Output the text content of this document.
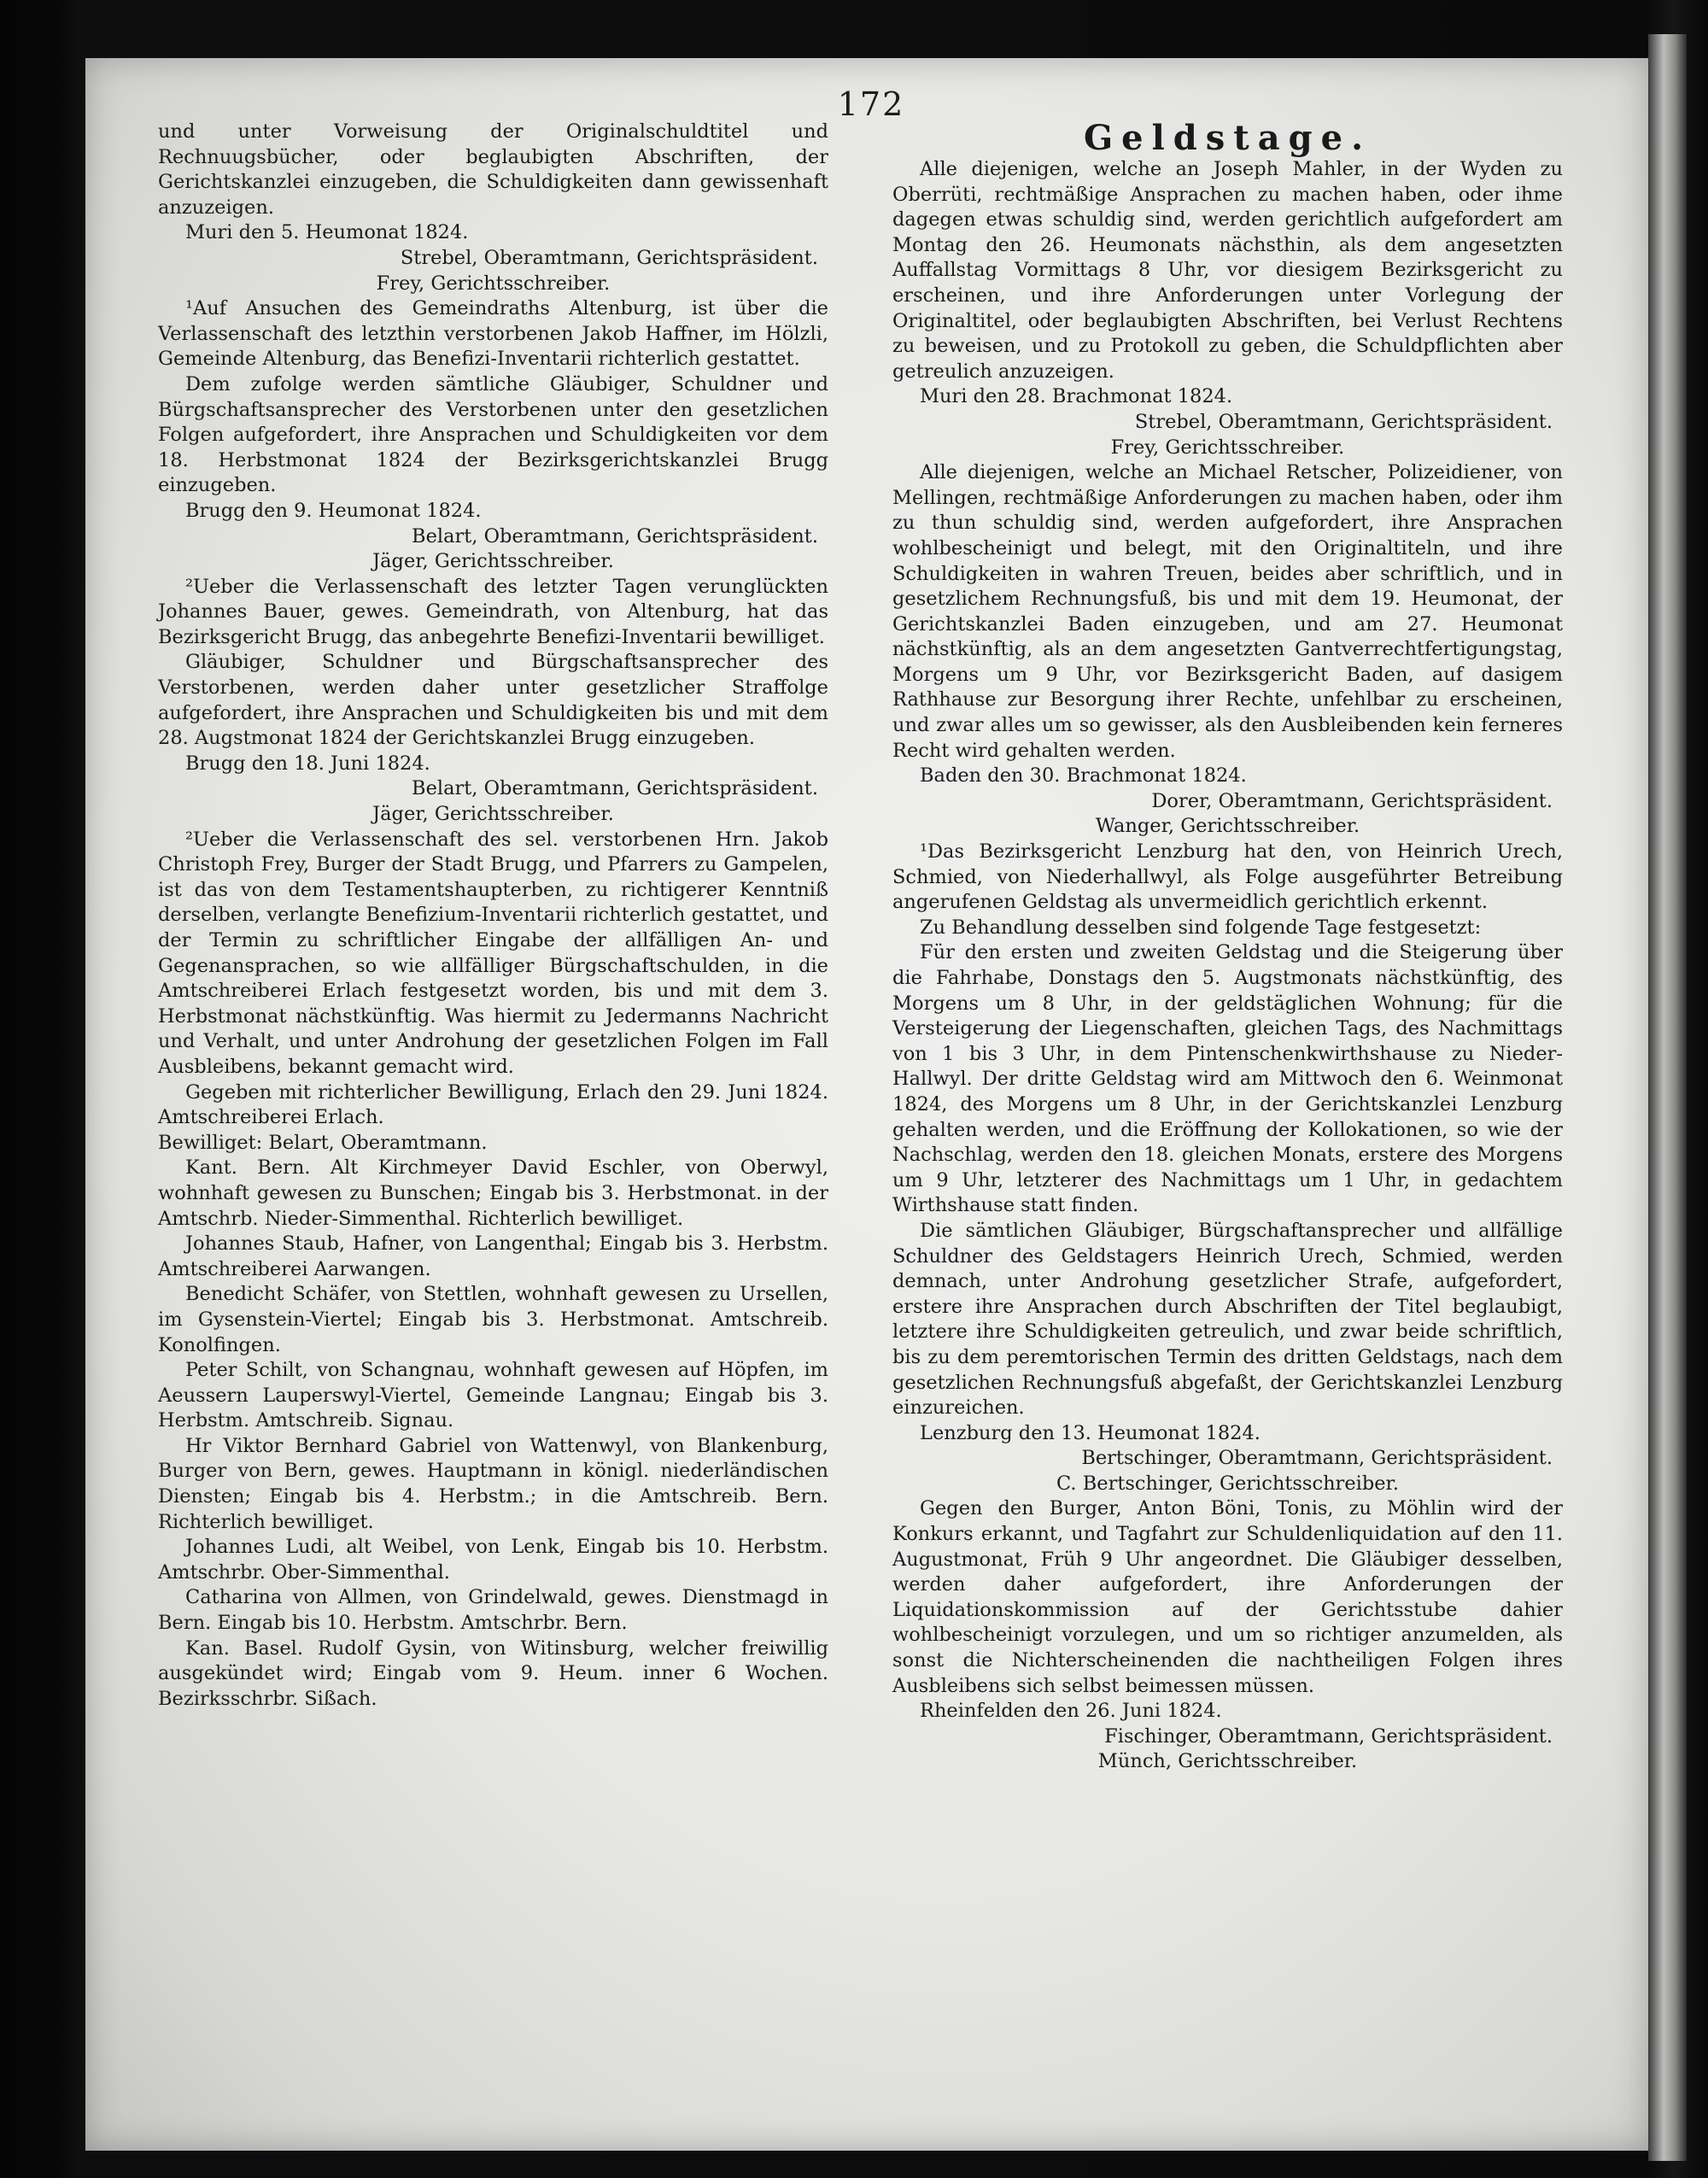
172

und unter Vorweisung der Originalschuldtitel und Rechnuugsbücher, oder beglaubigten Abschriften, der Gerichtskanzlei einzugeben, die Schuldigkeiten dann gewissenhaft anzuzeigen.

Muri den 5. Heumonat 1824.

Strebel, Oberamtmann, Gerichtspräsident.

Frey, Gerichtsschreiber.

¹Auf Ansuchen des Gemeindraths Altenburg, ist über die Verlassenschaft des letzthin verstorbenen Jakob Haffner, im Hölzli, Gemeinde Altenburg, das Benefizi-Inventarii richterlich gestattet.

Dem zufolge werden sämtliche Gläubiger, Schuldner und Bürgschaftsansprecher des Verstorbenen unter den gesetzlichen Folgen aufgefordert, ihre Ansprachen und Schuldigkeiten vor dem 18. Herbstmonat 1824 der Bezirksgerichtskanzlei Brugg einzugeben.

Brugg den 9. Heumonat 1824.

Belart, Oberamtmann, Gerichtspräsident.

Jäger, Gerichtsschreiber.

²Ueber die Verlassenschaft des letzter Tagen verunglückten Johannes Bauer, gewes. Gemeindrath, von Altenburg, hat das Bezirksgericht Brugg, das anbegehrte Benefizi-Inventarii bewilliget.

Gläubiger, Schuldner und Bürgschaftsansprecher des Verstorbenen, werden daher unter gesetzlicher Straffolge aufgefordert, ihre Ansprachen und Schuldigkeiten bis und mit dem 28. Augstmonat 1824 der Gerichtskanzlei Brugg einzugeben.

Brugg den 18. Juni 1824.

Belart, Oberamtmann, Gerichtspräsident.

Jäger, Gerichtsschreiber.

²Ueber die Verlassenschaft des sel. verstorbenen Hrn. Jakob Christoph Frey, Burger der Stadt Brugg, und Pfarrers zu Gampelen, ist das von dem Testamentshaupterben, zu richtigerer Kenntniß derselben, verlangte Benefizium-Inventarii richterlich gestattet, und der Termin zu schriftlicher Eingabe der allfälligen An- und Gegenansprachen, so wie allfälliger Bürgschaftschulden, in die Amtschreiberei Erlach festgesetzt worden, bis und mit dem 3. Herbstmonat nächstkünftig. Was hiermit zu Jedermanns Nachricht und Verhalt, und unter Androhung der gesetzlichen Folgen im Fall Ausbleibens, bekannt gemacht wird.

Gegeben mit richterlicher Bewilligung, Erlach den 29. Juni 1824. Amtschreiberei Erlach.

Bewilliget: Belart, Oberamtmann.

Kant. Bern. Alt Kirchmeyer David Eschler, von Oberwyl, wohnhaft gewesen zu Bunschen; Eingab bis 3. Herbstmonat. in der Amtschrb. Nieder-Simmenthal. Richterlich bewilliget.

Johannes Staub, Hafner, von Langenthal; Eingab bis 3. Herbstm. Amtschreiberei Aarwangen.

Benedicht Schäfer, von Stettlen, wohnhaft gewesen zu Ursellen, im Gysenstein-Viertel; Eingab bis 3. Herbstmonat. Amtschreib. Konolfingen.

Peter Schilt, von Schangnau, wohnhaft gewesen auf Höpfen, im Aeussern Lauperswyl-Viertel, Gemeinde Langnau; Eingab bis 3. Herbstm. Amtschreib. Signau.

Hr Viktor Bernhard Gabriel von Wattenwyl, von Blankenburg, Burger von Bern, gewes. Hauptmann in königl. niederländischen Diensten; Eingab bis 4. Herbstm.; in die Amtschreib. Bern. Richterlich bewilliget.

Johannes Ludi, alt Weibel, von Lenk, Eingab bis 10. Herbstm. Amtschrbr. Ober-Simmenthal.

Catharina von Allmen, von Grindelwald, gewes. Dienstmagd in Bern. Eingab bis 10. Herbstm. Amtschrbr. Bern.

Kan. Basel. Rudolf Gysin, von Witinsburg, welcher freiwillig ausgekündet wird; Eingab vom 9. Heum. inner 6 Wochen. Bezirksschrbr. Sißach.

Geldstage.

Alle diejenigen, welche an Joseph Mahler, in der Wyden zu Oberrüti, rechtmäßige Ansprachen zu machen haben, oder ihme dagegen etwas schuldig sind, werden gerichtlich aufgefordert am Montag den 26. Heumonats nächsthin, als dem angesetzten Auffallstag Vormittags 8 Uhr, vor diesigem Bezirksgericht zu erscheinen, und ihre Anforderungen unter Vorlegung der Originaltitel, oder beglaubigten Abschriften, bei Verlust Rechtens zu beweisen, und zu Protokoll zu geben, die Schuldpflichten aber getreulich anzuzeigen.

Muri den 28. Brachmonat 1824.

Strebel, Oberamtmann, Gerichtspräsident.

Frey, Gerichtsschreiber.

Alle diejenigen, welche an Michael Retscher, Polizeidiener, von Mellingen, rechtmäßige Anforderungen zu machen haben, oder ihm zu thun schuldig sind, werden aufgefordert, ihre Ansprachen wohlbescheinigt und belegt, mit den Originaltiteln, und ihre Schuldigkeiten in wahren Treuen, beides aber schriftlich, und in gesetzlichem Rechnungsfuß, bis und mit dem 19. Heumonat, der Gerichtskanzlei Baden einzugeben, und am 27. Heumonat nächstkünftig, als an dem angesetzten Gantverrechtfertigungstag, Morgens um 9 Uhr, vor Bezirksgericht Baden, auf dasigem Rathhause zur Besorgung ihrer Rechte, unfehlbar zu erscheinen, und zwar alles um so gewisser, als den Ausbleibenden kein ferneres Recht wird gehalten werden.

Baden den 30. Brachmonat 1824.

Dorer, Oberamtmann, Gerichtspräsident.

Wanger, Gerichtsschreiber.

¹Das Bezirksgericht Lenzburg hat den, von Heinrich Urech, Schmied, von Niederhallwyl, als Folge ausgeführter Betreibung angerufenen Geldstag als unvermeidlich gerichtlich erkennt.

Zu Behandlung desselben sind folgende Tage festgesetzt:

Für den ersten und zweiten Geldstag und die Steigerung über die Fahrhabe, Donstags den 5. Augstmonats nächstkünftig, des Morgens um 8 Uhr, in der geldstäglichen Wohnung; für die Versteigerung der Liegenschaften, gleichen Tags, des Nachmittags von 1 bis 3 Uhr, in dem Pintenschenkwirthshause zu Nieder-Hallwyl. Der dritte Geldstag wird am Mittwoch den 6. Weinmonat 1824, des Morgens um 8 Uhr, in der Gerichtskanzlei Lenzburg gehalten werden, und die Eröffnung der Kollokationen, so wie der Nachschlag, werden den 18. gleichen Monats, erstere des Morgens um 9 Uhr, letzterer des Nachmittags um 1 Uhr, in gedachtem Wirthshause statt finden.

Die sämtlichen Gläubiger, Bürgschaftansprecher und allfällige Schuldner des Geldstagers Heinrich Urech, Schmied, werden demnach, unter Androhung gesetzlicher Strafe, aufgefordert, erstere ihre Ansprachen durch Abschriften der Titel beglaubigt, letztere ihre Schuldigkeiten getreulich, und zwar beide schriftlich, bis zu dem peremtorischen Termin des dritten Geldstags, nach dem gesetzlichen Rechnungsfuß abgefaßt, der Gerichtskanzlei Lenzburg einzureichen.

Lenzburg den 13. Heumonat 1824.

Bertschinger, Oberamtmann, Gerichtspräsident.

C. Bertschinger, Gerichtsschreiber.

Gegen den Burger, Anton Böni, Tonis, zu Möhlin wird der Konkurs erkannt, und Tagfahrt zur Schuldenliquidation auf den 11. Augustmonat, Früh 9 Uhr angeordnet. Die Gläubiger desselben, werden daher aufgefordert, ihre Anforderungen der Liquidationskommission auf der Gerichtsstube dahier wohlbescheinigt vorzulegen, und um so richtiger anzumelden, als sonst die Nichterscheinenden die nachtheiligen Folgen ihres Ausbleibens sich selbst beimessen müssen.

Rheinfelden den 26. Juni 1824.

Fischinger, Oberamtmann, Gerichtspräsident.

Münch, Gerichtsschreiber.
